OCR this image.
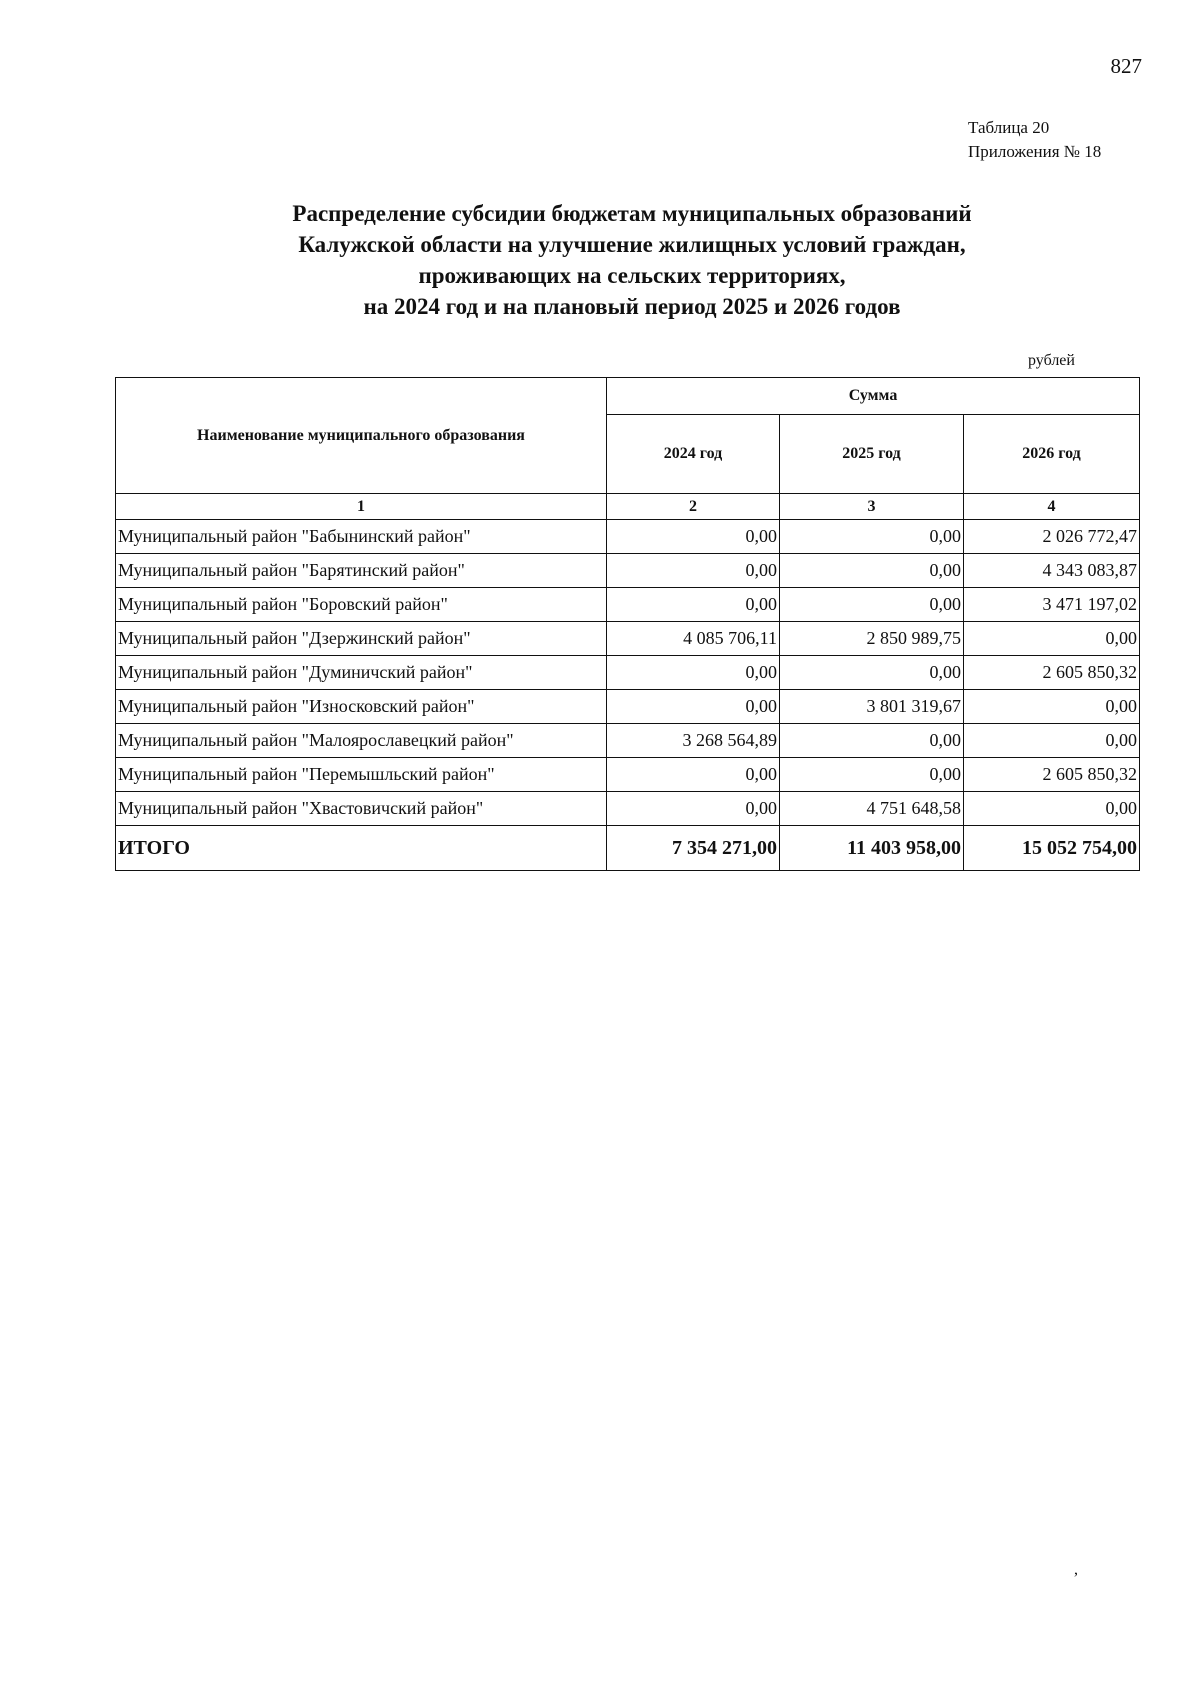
827
Таблица 20
Приложения № 18
Распределение субсидии бюджетам муниципальных образований
Калужской области на улучшение жилищных условий граждан,
проживающих на сельских территориях,
на 2024 год и на плановый период 2025 и 2026 годов
рублей
Наименование муниципального образования	Сумма		
	2024 год	2025 год	2026 год
1	2	3	4
Муниципальный район "Бабынинский район"	0,00	0,00	2 026 772,47
Муниципальный район "Барятинский район"	0,00	0,00	4 343 083,87
Муниципальный район "Боровский район"	0,00	0,00	3 471 197,02
Муниципальный район "Дзержинский район"	4 085 706,11	2 850 989,75	0,00
Муниципальный район "Думиничский район"	0,00	0,00	2 605 850,32
Муниципальный район "Износковский район"	0,00	3 801 319,67	0,00
Муниципальный район "Малоярославецкий район"	3 268 564,89	0,00	0,00
Муниципальный район "Перемышльский район"	0,00	0,00	2 605 850,32
Муниципальный район "Хвастовичский район"	0,00	4 751 648,58	0,00
ИТОГО	7 354 271,00	11 403 958,00	15 052 754,00
,
